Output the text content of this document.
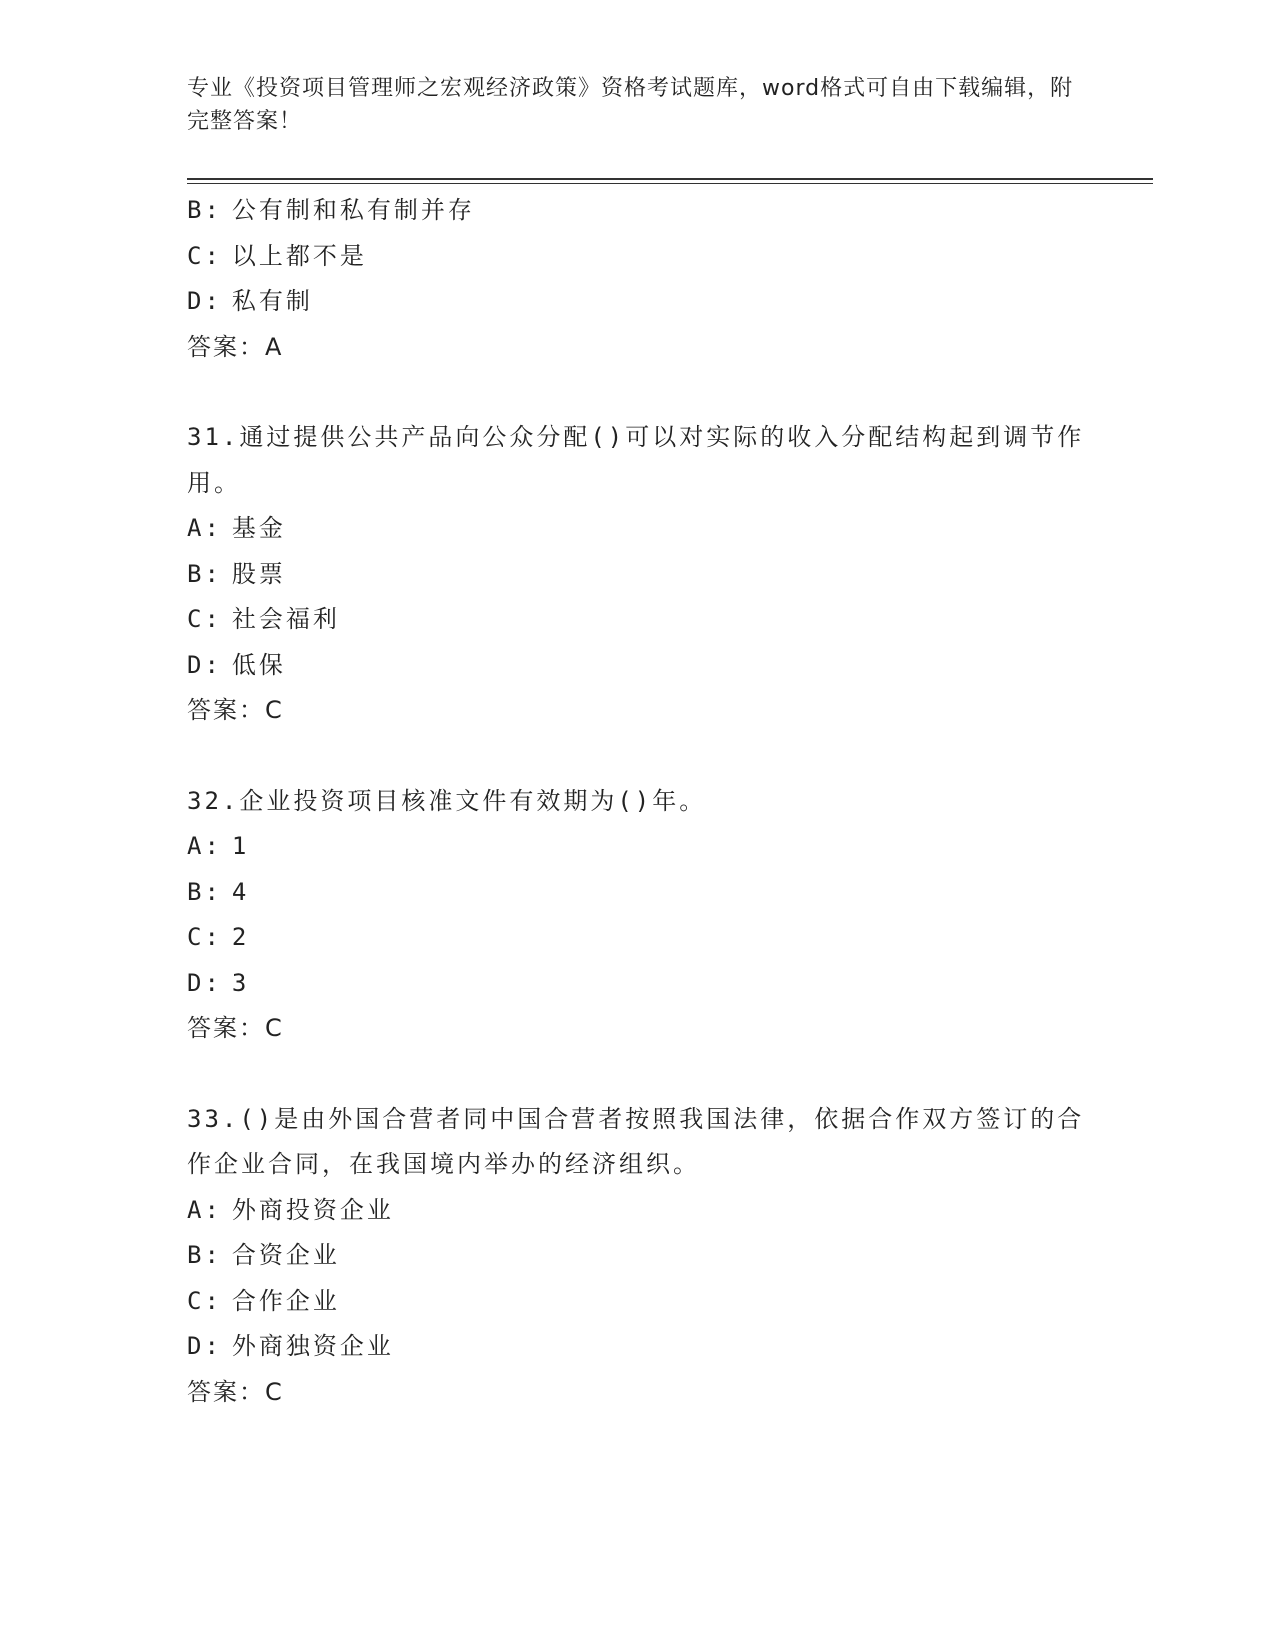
专业《投资项目管理师之宏观经济政策》资格考试题库，word格式可自由下载编辑，附完整答案！
B: 公有制和私有制并存
C: 以上都不是
D: 私有制
答案：A
31.通过提供公共产品向公众分配()可以对实际的收入分配结构起到调节作用。
A: 基金
B: 股票
C: 社会福利
D: 低保
答案：C
32.企业投资项目核准文件有效期为()年。
A: 1
B: 4
C: 2
D: 3
答案：C
33.()是由外国合营者同中国合营者按照我国法律，依据合作双方签订的合作企业合同，在我国境内举办的经济组织。
A: 外商投资企业
B: 合资企业
C: 合作企业
D: 外商独资企业
答案：C
